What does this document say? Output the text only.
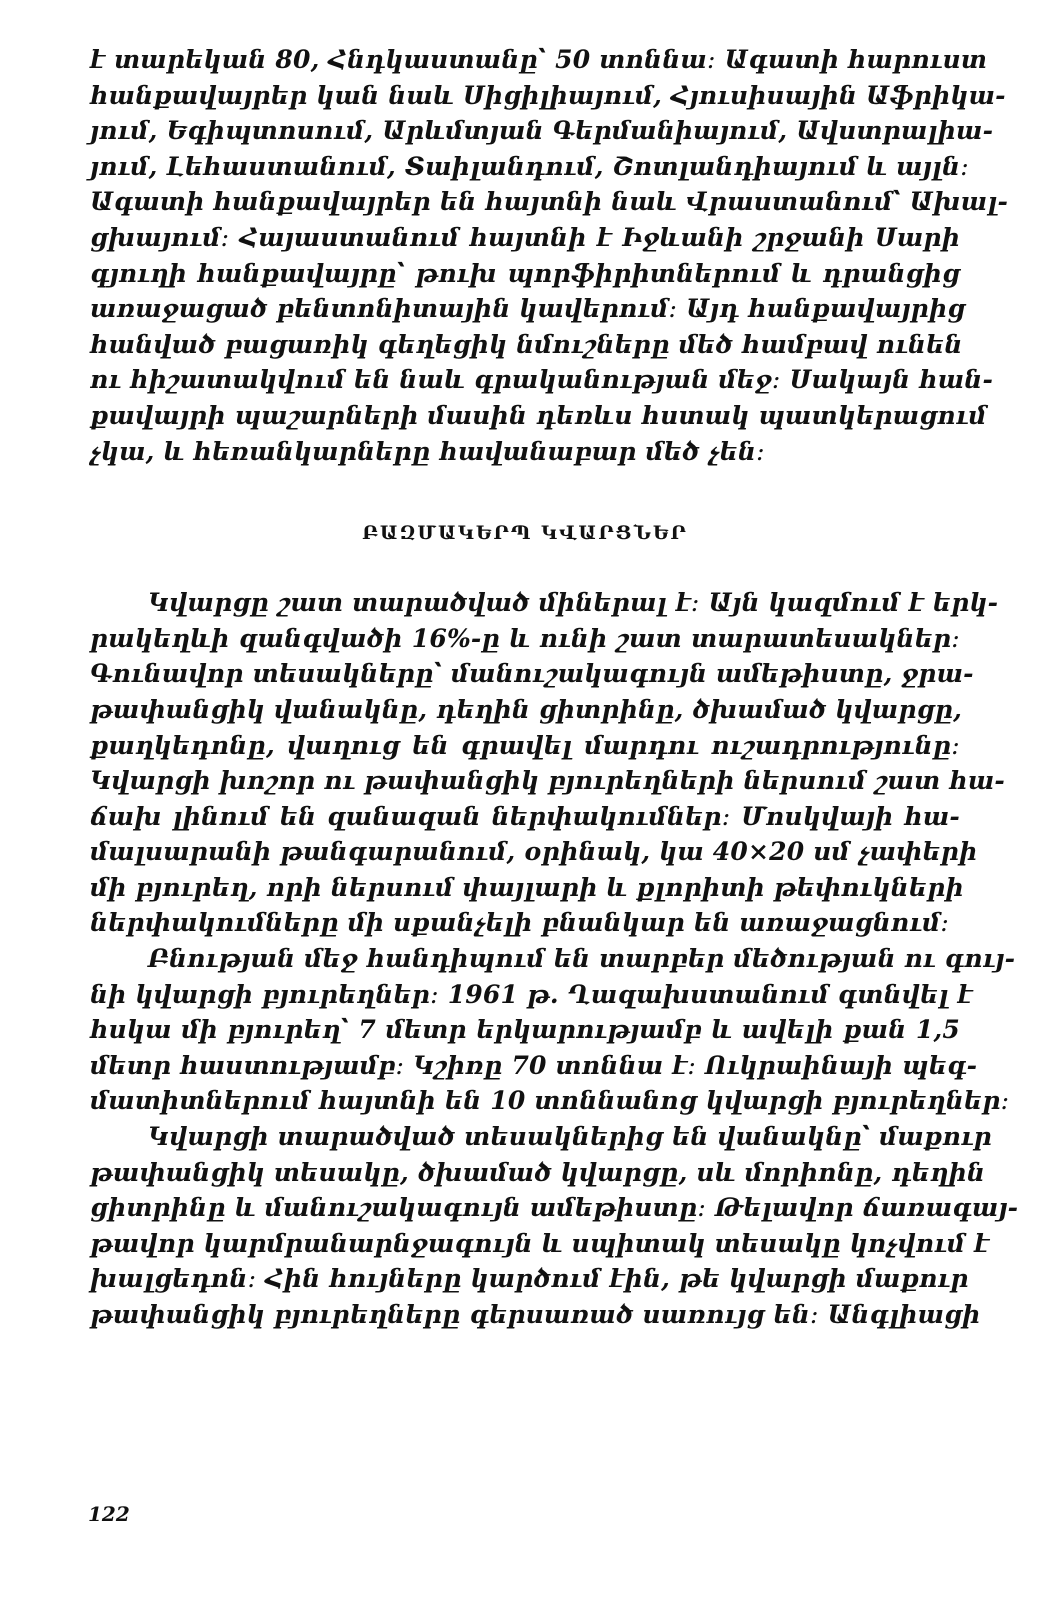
է տարեկան 80, Հնդկաստանը՝ 50 տոննա։ Ագատի հարուստ
հանքավայրեր կան նաև Սիցիլիայում, Հյուսիսային Աֆրիկա-
յում, Եգիպտոսում, Արևմտյան Գերմանիայում, Ավստրալիա-
յում, Լեհաստանում, Տաիլանդում, Շոտլանդիայում և այլն։
Ագատի հանքավայրեր են հայտնի նաև Վրաստանում՝ Ախալ-
ցխայում։ Հայաստանում հայտնի է Իջևանի շրջանի Սարի
գյուղի հանքավայրը՝ թուխ պորֆիրիտներում և դրանցից
առաջացած բենտոնիտային կավերում։ Այդ հանքավայրից
հանված բացառիկ գեղեցիկ նմուշները մեծ համբավ ունեն
ու հիշատակվում են նաև գրականության մեջ։ Սակայն հան-
քավայրի պաշարների մասին դեռևս հստակ պատկերացում
չկա, և հեռանկարները հավանաբար մեծ չեն։
ԲԱԶՄԱԿԵՐՊ ԿՎԱՐՑՆԵՐ
Կվարցը շատ տարածված միներալ է։ Այն կազմում է երկ-
րակեղևի զանգվածի 16%-ը և ունի շատ տարատեսակներ։
Գունավոր տեսակները՝ մանուշակագույն ամեթիստը, ջրա-
թափանցիկ վանակնը, դեղին ցիտրինը, ծխամած կվարցը,
քաղկեդոնը, վաղուց են գրավել մարդու ուշադրությունը։
Կվարցի խոշոր ու թափանցիկ բյուրեղների ներսում շատ հա-
ճախ լինում են զանազան ներփակումներ։ Մոսկվայի հա-
մալսարանի թանգարանում, օրինակ, կա 40×20 սմ չափերի
մի բյուրեղ, որի ներսում փայլարի և քլորիտի թեփուկների
ներփակումները մի սքանչելի բնանկար են առաջացնում։
Բնության մեջ հանդիպում են տարբեր մեծության ու գույ-
նի կվարցի բյուրեղներ։ 1961 թ. Ղազախստանում գտնվել է
հսկա մի բյուրեղ՝ 7 մետր երկարությամբ և ավելի քան 1,5
մետր հաստությամբ։ Կշիռը 70 տոննա է։ Ուկրաինայի պեգ-
մատիտներում հայտնի են 10 տոննանոց կվարցի բյուրեղներ։
Կվարցի տարածված տեսակներից են վանակնը՝ մաքուր
թափանցիկ տեսակը, ծխամած կվարցը, սև մորիոնը, դեղին
ցիտրինը և մանուշակագույն ամեթիստը։ Թելավոր ճառագայ-
թավոր կարմրանարնջագույն և սպիտակ տեսակը կոչվում է
խալցեդոն։ Հին հույները կարծում էին, թե կվարցի մաքուր
թափանցիկ բյուրեղները գերսառած սառույց են։ Անգլիացի
122
